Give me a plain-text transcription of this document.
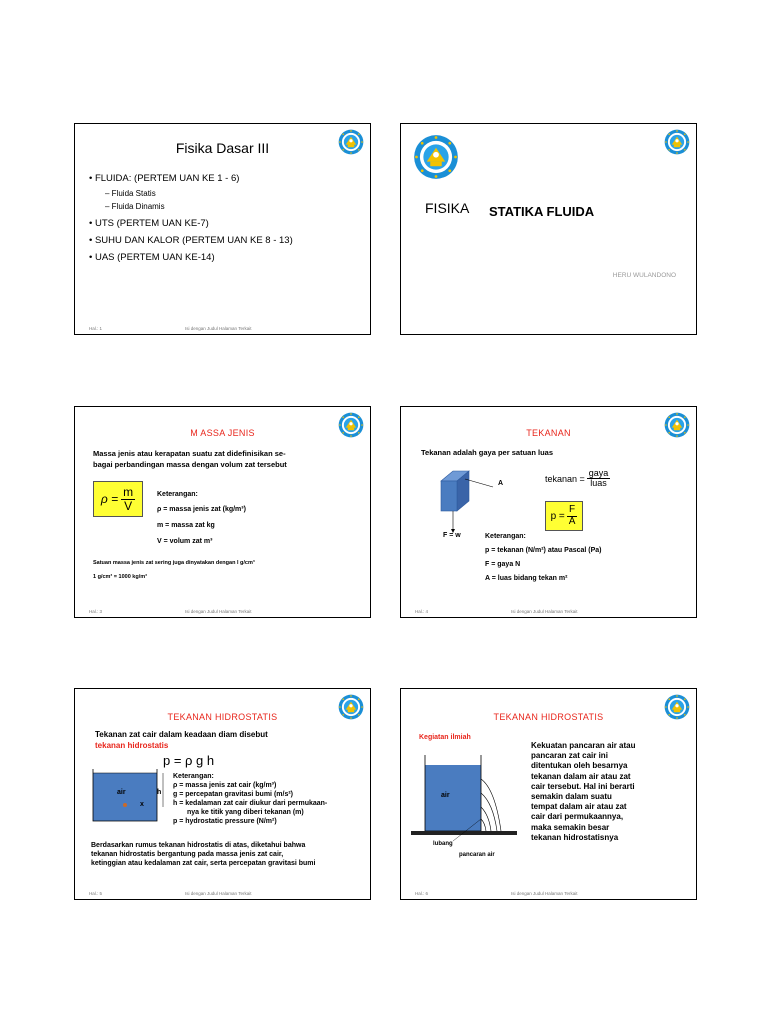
Fisika Dasar III
• FLUIDA: (PERTEM UAN KE 1 - 6)
– Fluida Statis
– Fluida Dinamis
• UTS (PERTEM UAN KE-7)
• SUHU DAN KALOR (PERTEM UAN KE 8 - 13)
• UAS (PERTEM UAN KE-14)
Hal.: 1	Isi dengan Judul Halaman Terkait
FISIKA STATIKA FLUIDA
HERU WULANDONO
M ASSA JENIS
Massa jenis atau kerapatan suatu zat didefinisikan se-
bagai perbandingan massa dengan volum zat tersebut
$\rho = \frac{m}{V}$	Keterangan:
ρ = massa jenis zat (kg/m³)
m = massa zat kg
V = volum zat m³
Satuan massa jenis zat sering juga dinyatakan dengan l g/cm³
1 g/cm³ = 1000 kg/m³
Hal.: 3	Isi dengan Judul Halaman Terkait
TEKANAN
Tekanan adalah gaya per satuan luas
A
F = w
tekanan = $\frac{\text{gaya}}{\text{luas}}$
$p = \frac{F}{A}$
Keterangan:
p = tekanan (N/m²) atau Pascal (Pa)
F = gaya N
A = luas bidang tekan m²
Hal.: 4	Isi dengan Judul Halaman Terkait
TEKANAN HIDROSTATIS
Tekanan zat cair dalam keadaan diam disebut
tekanan hidrostatis
p = ρ g h
air	h
x
Keterangan:
ρ = massa jenis zat cair (kg/m³)
g = percepatan gravitasi bumi (m/s²)
h = kedalaman zat cair diukur dari permukaan-
nya ke titik yang diberi tekanan (m)
p = hydrostatic pressure (N/m²)
Berdasarkan rumus tekanan hidrostatis di atas, diketahui bahwa
tekanan hidrostatis bergantung pada massa jenis zat cair,
ketinggian atau kedalaman zat cair, serta percepatan gravitasi bumi
Hal.: 5	Isi dengan Judul Halaman Terkait
TEKANAN HIDROSTATIS
Kegiatan ilmiah
air
lubang
pancaran air
Kekuatan pancaran air atau
pancaran zat cair ini
ditentukan oleh besarnya
tekanan dalam air atau zat
cair tersebut. Hal ini berarti
semakin dalam suatu
tempat dalam air atau zat
cair dari permukaannya,
maka semakin besar
tekanan hidrostatisnya
Hal.: 6	Isi dengan Judul Halaman Terkait
